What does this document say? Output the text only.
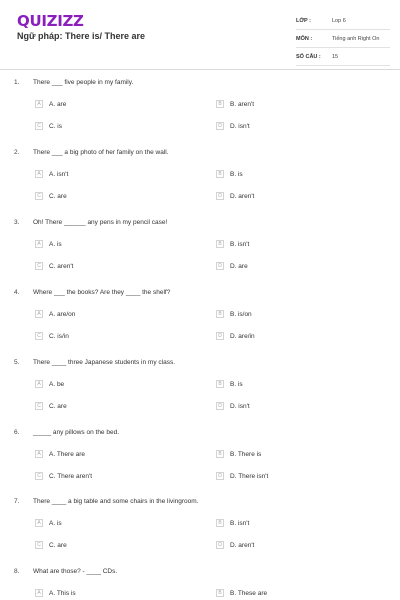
QUIZIZZ
Ngữ pháp: There is/ There are
LỚP :	Lop 6
MÔN :	Tiếng anh Right On
SỐ CÂU :	15
1. There ___ five people in my family.
A	A. are	B	B. aren't
C	C. is	D	D. isn't
2. There ___ a big photo of her family on the wall.
A	A. isn't	B	B. is
C	C. are	D	D. aren't
3. Oh! There ______ any pens in my pencil case!
A	A. is	B	B. isn't
C	C. aren't	D	D. are
4. Where ___ the books? Are they ____ the shelf?
A	A. are/on	B	B. is/on
C	C. is/in	D	D. are/in
5. There ____ three Japanese students in my class.
A	A. be	B	B. is
C	C. are	D	D. isn't
6. _____ any pillows on the bed.
A	A. There are	B	B. There is
C	C. There aren't	D	D. There isn't
7. There ____ a big table and some chairs in the livingroom.
A	A. is	B	B. isn't
C	C. are	D	D. aren't
8. What are those? - ____ CDs.
A	A. This is	B	B. These are
